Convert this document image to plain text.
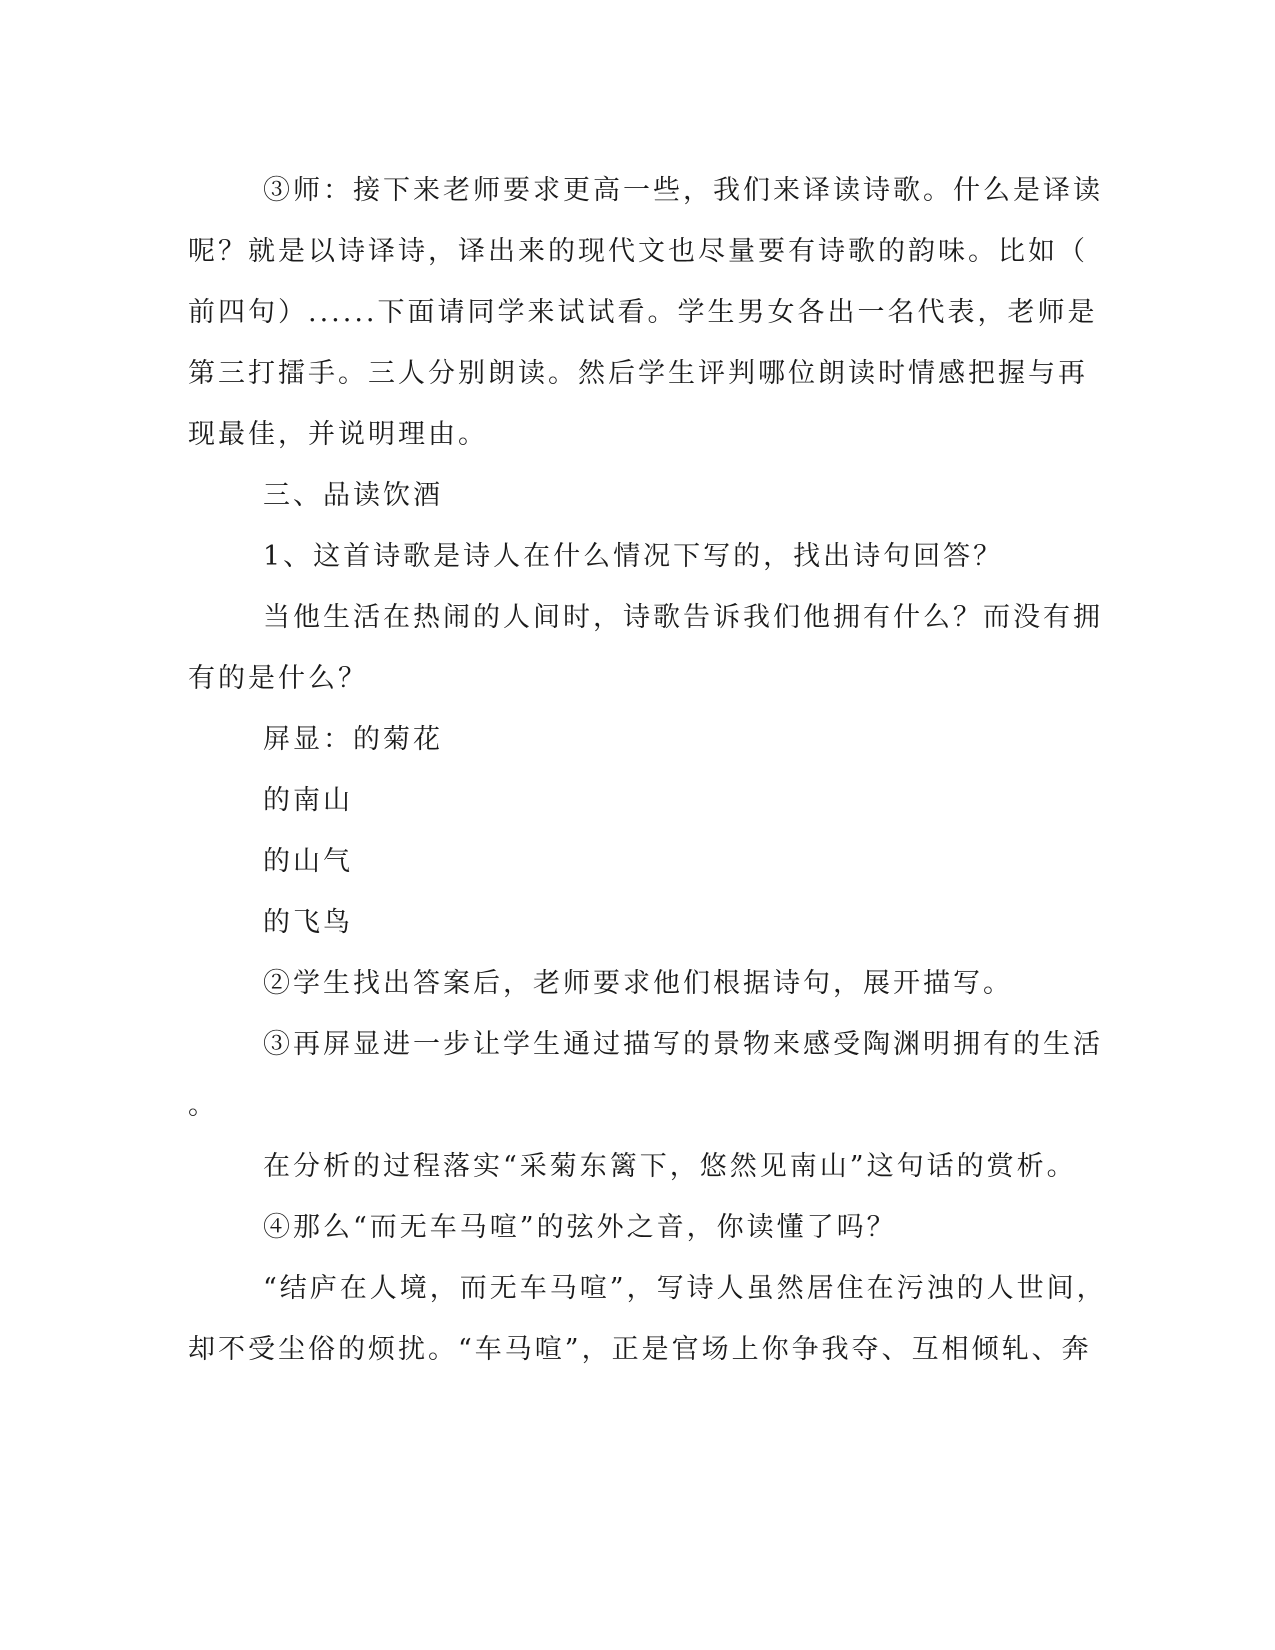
③师：接下来老师要求更高一些，我们来译读诗歌。什么是译读
呢？就是以诗译诗，译出来的现代文也尽量要有诗歌的韵味。比如（
前四句）......下面请同学来试试看。学生男女各出一名代表，老师是
第三打擂手。三人分别朗读。然后学生评判哪位朗读时情感把握与再
现最佳，并说明理由。
三、品读饮酒
1、这首诗歌是诗人在什么情况下写的，找出诗句回答？
当他生活在热闹的人间时，诗歌告诉我们他拥有什么？而没有拥
有的是什么？
屏显：的菊花
的南山
的山气
的飞鸟
②学生找出答案后，老师要求他们根据诗句，展开描写。
③再屏显进一步让学生通过描写的景物来感受陶渊明拥有的生活
。
在分析的过程落实“采菊东篱下，悠然见南山”这句话的赏析。
④那么“而无车马喧”的弦外之音，你读懂了吗？
“结庐在人境，而无车马喧”，写诗人虽然居住在污浊的人世间，
却不受尘俗的烦扰。“车马喧”，正是官场上你争我夺、互相倾轧、奔
